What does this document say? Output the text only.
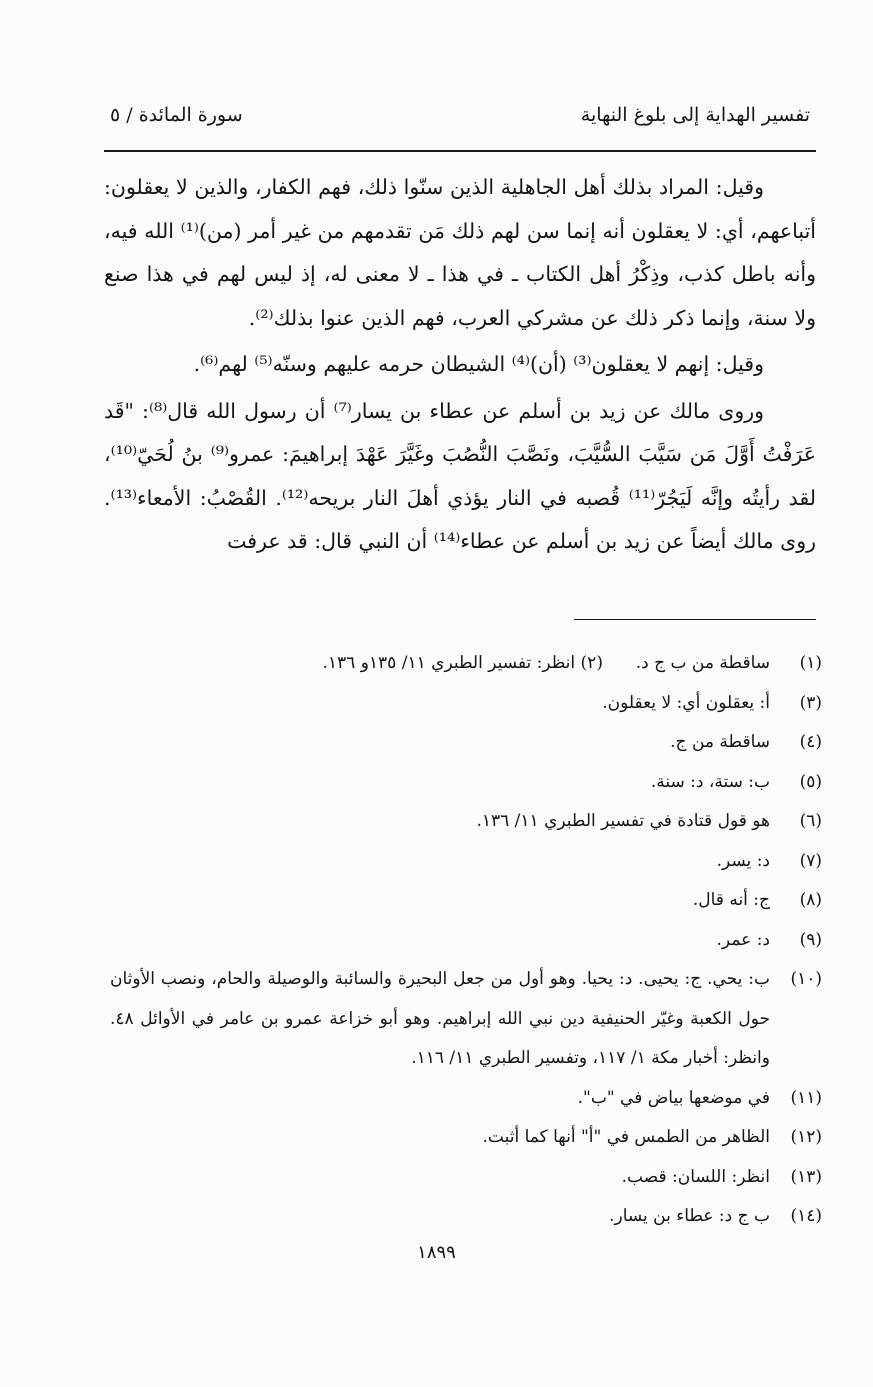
تفسير الهداية إلى بلوغ النهاية
سورة المائدة / ٥

وقيل: المراد بذلك أهل الجاهلية الذين سنّوا ذلك، فهم الكفار، والذين لا يعقلون: أتباعهم، أي: لا يعقلون أنه إنما سن لهم ذلك مَن تقدمهم من غير أمر (من)⁽¹⁾ الله فيه، وأنه باطل كذب، وذِكْرُ أهل الكتاب ـ في هذا ـ لا معنى له، إذ ليس لهم في هذا صنع ولا سنة، وإنما ذكر ذلك عن مشركي العرب، فهم الذين عنوا بذلك⁽²⁾.

وقيل: إنهم لا يعقلون⁽³⁾ (أن)⁽⁴⁾ الشيطان حرمه عليهم وسنّه⁽⁵⁾ لهم⁽⁶⁾.

وروى مالك عن زيد بن أسلم عن عطاء بن يسار⁽⁷⁾ أن رسول الله قال⁽⁸⁾: "قَد عَرَفْتُ أَوَّلَ مَن سَيَّبَ السُّيَّبَ، ونَصَّبَ النُّصُبَ وغَيَّرَ عَهْدَ إبراهيمَ: عمرو⁽⁹⁾ بنُ لُحَيّ⁽¹⁰⁾، لقد رأيتُه وإنَّه لَيَجُرّ⁽¹¹⁾ قُصبه في النار يؤذي أهلَ النار بريحه⁽¹²⁾. القُصْبُ: الأمعاء⁽¹³⁾. روى مالك أيضاً عن زيد بن أسلم عن عطاء⁽¹⁴⁾ أن النبي قال: قد عرفت

(١)
ساقطة من ب ج د.  (٢) انظر: تفسير الطبري ١١/ ١٣٥و ١٣٦.
(٣)
أ: يعقلون أي: لا يعقلون.
(٤)
ساقطة من ج.
(٥)
ب: ستة، د: سنة.
(٦)
هو قول قتادة في تفسير الطبري ١١/ ١٣٦.
(٧)
د: يسر.
(٨)
ج: أنه قال.
(٩)
د: عمر.
(١٠)
ب: يحي. ج: يحيى. د: يحيا. وهو أول من جعل البحيرة والسائبة والوصيلة والحام، ونصب الأوثان حول الكعبة وغيّر الحنيفية دين نبي الله إبراهيم. وهو أبو خزاعة عمرو بن عامر في الأوائل ٤٨. وانظر: أخبار مكة ١/ ١١٧، وتفسير الطبري ١١/ ١١٦.
(١١)
في موضعها بياض في "ب".
(١٢)
الظاهر من الطمس في "أ" أنها كما أثبت.
(١٣)
انظر: اللسان: قصب.
(١٤)
ب ج د: عطاء بن يسار.
١٨٩٩
